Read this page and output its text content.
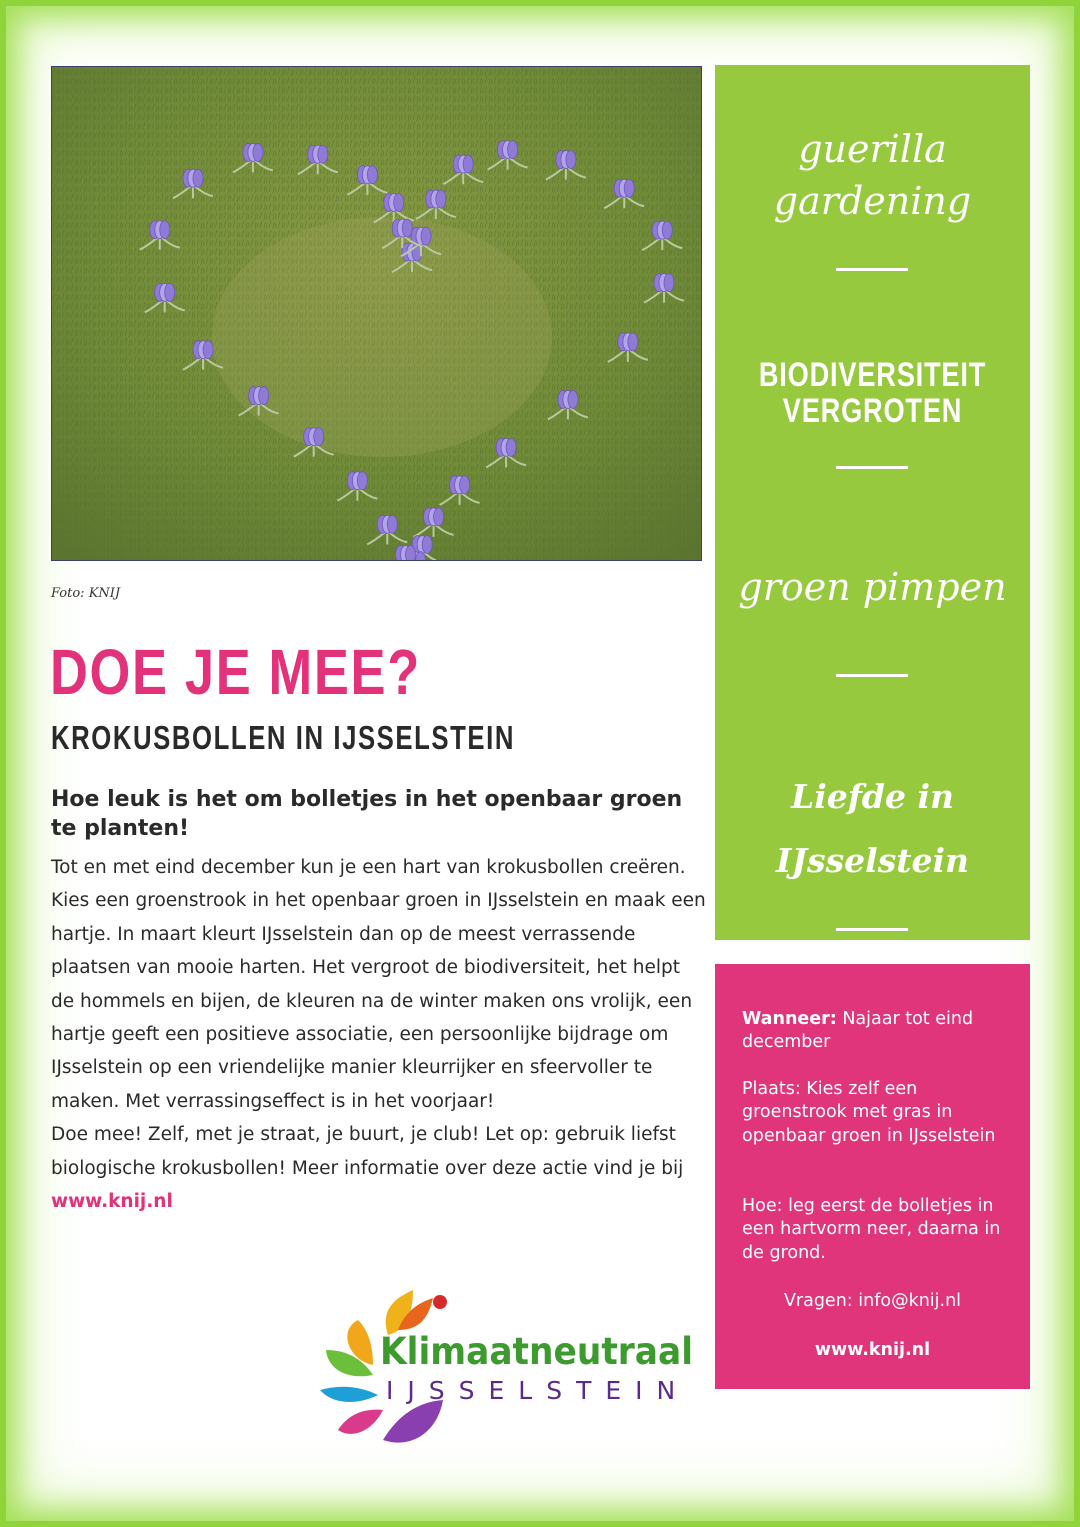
Foto: KNIJ
DOE JE MEE?
KROKUSBOLLEN IN IJSSELSTEIN
Hoe leuk is het om bolletjes in het openbaar groen te planten!
Tot en met eind december kun je een hart van krokusbollen creëren. Kies een groenstrook in het openbaar groen in IJsselstein en maak een hartje. In maart kleurt IJsselstein dan op de meest verrassende plaatsen van mooie harten. Het vergroot de biodiversiteit, het helpt de hommels en bijen, de kleuren na de winter maken ons vrolijk, een hartje geeft een positieve associatie, een persoonlijke bijdrage om IJsselstein op een vriendelijke manier kleurrijker en sfeervoller te maken. Met verrassingseffect is in het voorjaar!
Doe mee! Zelf, met je straat, je buurt, je club! Let op: gebruik liefst biologische krokusbollen! Meer informatie over deze actie vind je bij www.knij.nl
Klimaatneutraal
IJSSELSTEIN
guerilla gardening
BIODIVERSITEIT
VERGROTEN
groen pimpen
Liefde in
IJsselstein
Wanneer: Najaar tot eind december
Plaats: Kies zelf een groenstrook met gras in openbaar groen in IJsselstein
Hoe: leg eerst de bolletjes in een hartvorm neer, daarna in de grond.
Vragen: info@knij.nl
www.knij.nl
